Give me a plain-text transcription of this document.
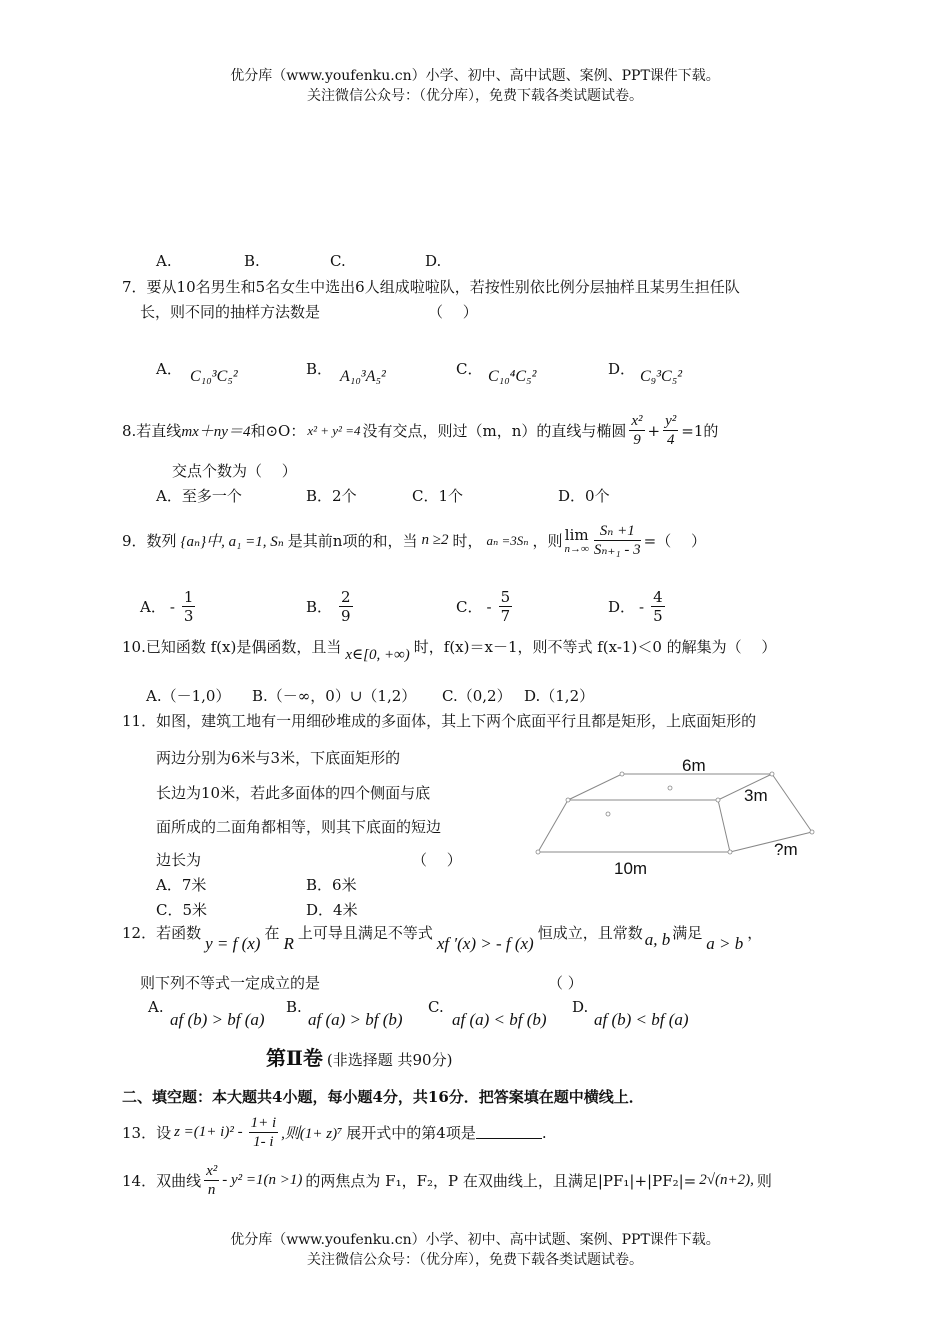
优分库（www.youfenku.cn）小学、初中、高中试题、案例、PPT课件下载。
关注微信公众号：（优分库），免费下载各类试题试卷。
A.	B.	C.	D.
7．要从10名男生和5名女生中选出6人组成啦啦队，若按性别依比例分层抽样且某男生担任队
长，则不同的抽样方法数是	（　 ）
A． C₁₀³C₅²	B． A₁₀³A₅²	C． C₁₀⁴C₅²	D． C₉³C₅²
8.若直线 mx＋ny＝4 和⊙O： x² + y² =4 没有交点，则过（m，n）的直线与椭圆 $\frac{\text{x²}}{9} + \frac{\text{y²}}{4} =1$ 的
交点个数为（　 ）
A．至多一个	B．2个	C．1个	D．0个
9．数列 {aₙ}中, a₁ =1, Sₙ 是其前n项的和，当 n ≥2 时， aₙ =3Sₙ ，则 lim
$n\to\infty \frac{\text{Sₙ +1}}{\text{Sₙ₊₁ - 3}}$ = （　 ）
A． - $\frac{1}{3}$	B． $\frac{2}{9}$	C． - $\frac{5}{7}$	D． - $\frac{4}{5}$
10.已知函数 f(x)是偶函数，且当 x∈[0, +∞) 时，f(x)＝x－1，则不等式 f(x-1)＜0 的解集为（　 ）
A.（－1,0） B.（－∞，0）∪（1,2） C.（0,2） D.（1,2）
11．如图，建筑工地有一用细砂堆成的多面体，其上下两个底面平行且都是矩形，上底面矩形的
两边分别为6米与3米，下底面矩形的
长边为10米，若此多面体的四个侧面与底
面所成的二面角都相等，则其下底面的短边
边长为	（　 ）
A．7米	B．6米
C．5米	D．4米
6m
3m
?m
10m
12．若函数
y = f (x)
在
R
上可导且满足不等式
xf ′(x) > - f (x)
恒成立，且常数 a, b 满足
a > b
，
则下列不等式一定成立的是	（ ）
A.
af (b) > bf (a)
B.
af (a) > bf (b)
C.
af (a) < bf (b)
D.
af (b) < bf (a)
第Ⅱ卷 (非选择题 共90分)
二、填空题：本大题共4小题，每小题4分，共16分．把答案填在题中横线上．
13．设 $z =(1+ i)^2 - \frac{1+ i}{1- i}$ ,则(1+ z)⁷ 展开式中的第4项是	.
14．双曲线 $\frac{\text{x²}}{n} - y^2 =1(n >1)$ 的两焦点为 F₁，F₂，P 在双曲线上，且满足|PF₁|+|PF₂|= 2√(n+2), 则
优分库（www.youfenku.cn）小学、初中、高中试题、案例、PPT课件下载。
关注微信公众号：（优分库），免费下载各类试题试卷。
